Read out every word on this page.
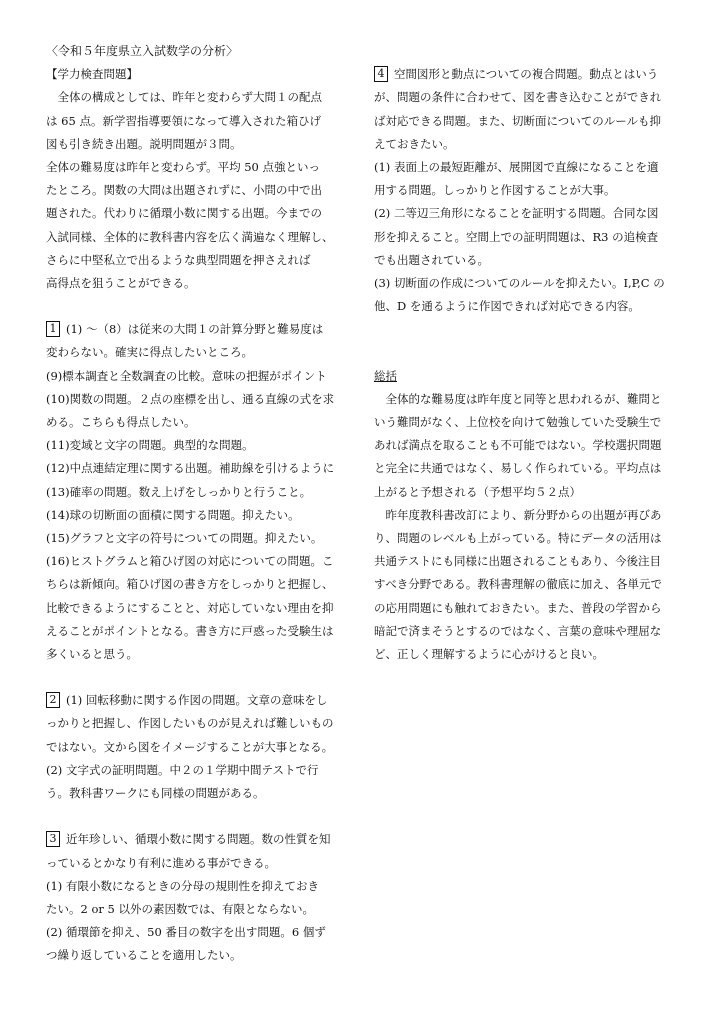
〈令和５年度県立入試数学の分析〉
【学力検査問題】
　全体の構成としては、昨年と変わらず大問１の配点
は 65 点。新学習指導要領になって導入された箱ひげ
図も引き続き出題。説明問題が３問。
全体の難易度は昨年と変わらず。平均 50 点強といっ
たところ。関数の大問は出題されずに、小問の中で出
題された。代わりに循環小数に関する出題。今までの
入試同様、全体的に教科書内容を広く満遍なく理解し、
さらに中堅私立で出るような典型問題を押さえれば
高得点を狙うことができる。
1 (1) ～（8）は従来の大問１の計算分野と難易度は
変わらない。確実に得点したいところ。
(9)標本調査と全数調査の比較。意味の把握がポイント
(10)関数の問題。２点の座標を出し、通る直線の式を求
める。こちらも得点したい。
(11)変域と文字の問題。典型的な問題。
(12)中点連結定理に関する出題。補助線を引けるように
(13)確率の問題。数え上げをしっかりと行うこと。
(14)球の切断面の面積に関する問題。抑えたい。
(15)グラフと文字の符号についての問題。抑えたい。
(16)ヒストグラムと箱ひげ図の対応についての問題。こ
ちらは新傾向。箱ひげ図の書き方をしっかりと把握し、
比較できるようにすることと、対応していない理由を抑
えることがポイントとなる。書き方に戸惑った受験生は
多くいると思う。
2 (1) 回転移動に関する作図の問題。文章の意味をし
っかりと把握し、作図したいものが見えれば難しいもの
ではない。文から図をイメージすることが大事となる。
(2) 文字式の証明問題。中２の１学期中間テストで行
う。教科書ワークにも同様の問題がある。
3 近年珍しい、循環小数に関する問題。数の性質を知
っているとかなり有利に進める事ができる。
(1) 有限小数になるときの分母の規則性を抑えておき
たい。2 or 5 以外の素因数では、有限とならない。
(2) 循環節を抑え、50 番目の数字を出す問題。6 個ず
つ繰り返していることを適用したい。
4 空間図形と動点についての複合問題。動点とはいう
が、問題の条件に合わせて、図を書き込むことができれ
ば対応できる問題。また、切断面についてのルールも抑
えておきたい。
(1) 表面上の最短距離が、展開図で直線になることを適
用する問題。しっかりと作図することが大事。
(2) 二等辺三角形になることを証明する問題。合同な図
形を抑えること。空間上での証明問題は、R3 の追検査
でも出題されている。
(3) 切断面の作成についてのルールを抑えたい。I,P,C の
他、D を通るように作図できれば対応できる内容。
総括
　全体的な難易度は昨年度と同等と思われるが、難問と
いう難問がなく、上位校を向けて勉強していた受験生で
あれば満点を取ることも不可能ではない。学校選択問題
と完全に共通ではなく、易しく作られている。平均点は
上がると予想される（予想平均５２点）
　昨年度教科書改訂により、新分野からの出題が再びあ
り、問題のレベルも上がっている。特にデータの活用は
共通テストにも同様に出題されることもあり、今後注目
すべき分野である。教科書理解の徹底に加え、各単元で
の応用問題にも触れておきたい。また、普段の学習から
暗記で済まそうとするのではなく、言葉の意味や理屈な
ど、正しく理解するように心がけると良い。
